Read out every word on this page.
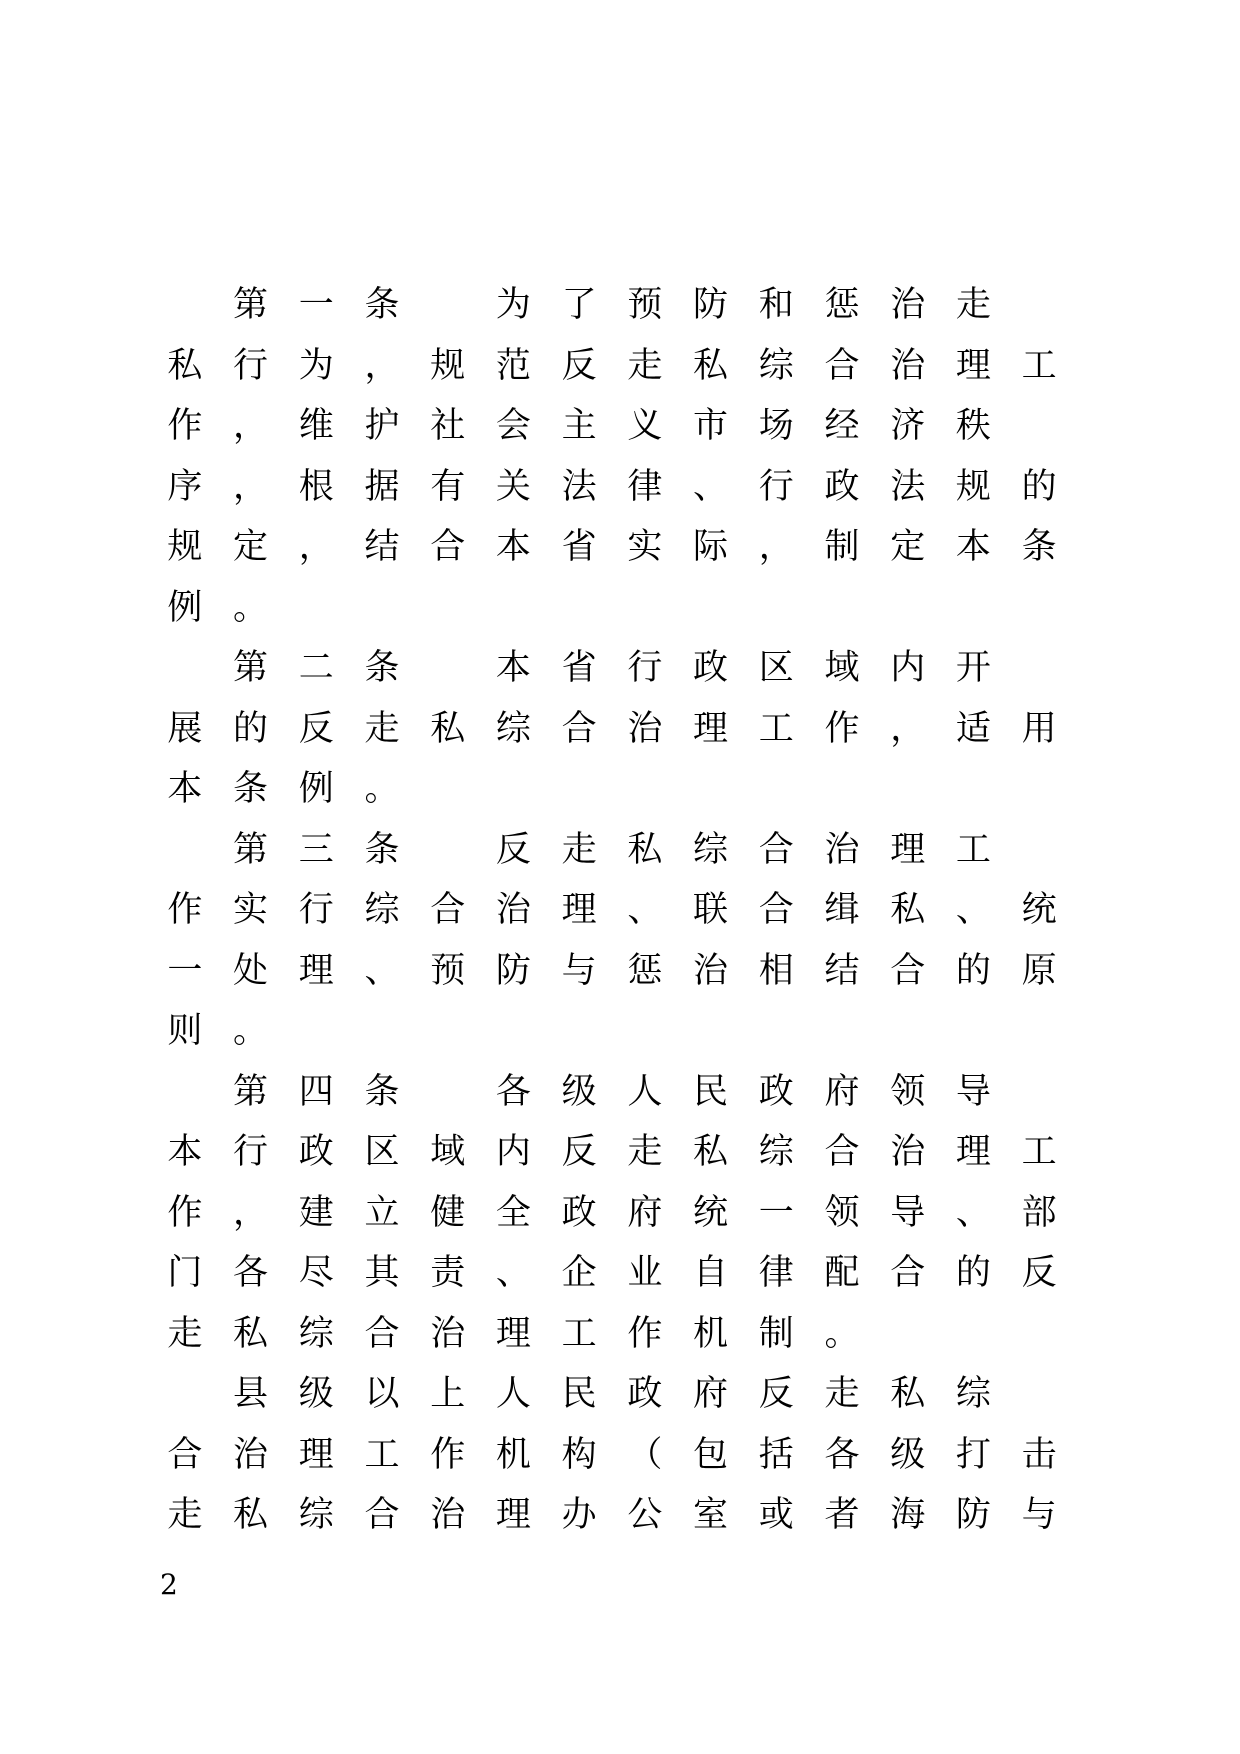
第 一 条
　	为 了 预 防 和 惩 治 走
私 行 为 ， 规 范 反 走 私 综 合 治 理 工
作 ， 维 护 社 会 主 义 市 场 经 济 秩
序 ， 根 据 有 关 法 律 、 行 政 法 规 的
规 定 ， 结 合 本 省 实 际 ， 制 定 本 条
例 。

第 二 条
　	本 省 行 政 区 域 内 开
展 的 反 走 私 综 合 治 理 工 作 ， 适 用
本 条 例 。

第 三 条
　	反 走 私 综 合 治 理 工
作 实 行 综 合 治 理 、 联 合 缉 私 、 统
一 处 理 、 预 防 与 惩 治 相 结 合 的 原
则 。

第 四 条
　	各 级 人 民 政 府 领 导
本 行 政 区 域 内 反 走 私 综 合 治 理 工
作 ， 建 立 健 全 政 府 统 一 领 导 、 部
门 各 尽 其 责 、 企 业 自 律 配 合 的 反
走 私 综 合 治 理 工 作 机 制 。

县 级 以 上 人 民 政 府 反 走 私 综
合 治 理 工 作 机 构 （ 包 括 各 级 打 击
走 私 综 合 治 理 办 公 室 或 者 海 防 与
2
